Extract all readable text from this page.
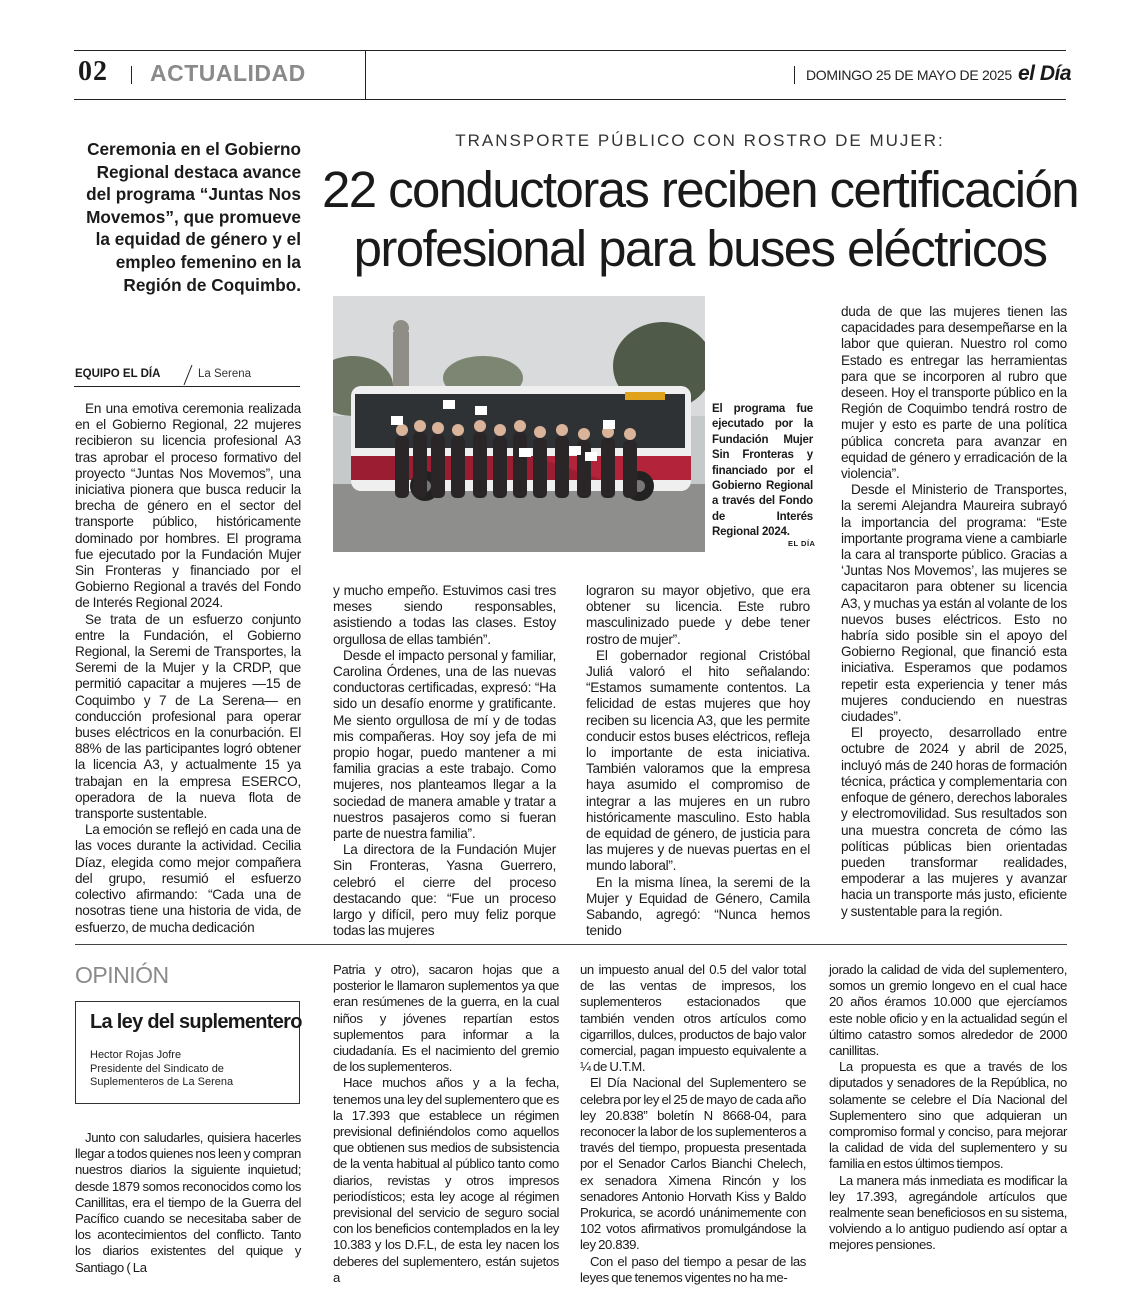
02 ACTUALIDAD	DOMINGO 25 DE MAYO DE 2025 el Día
Ceremonia en el Gobierno Regional destaca avance del programa “Juntas Nos Movemos”, que promueve la equidad de género y el empleo femenino en la Región de Coquimbo.
TRANSPORTE PÚBLICO CON ROSTRO DE MUJER:
22 conductoras reciben certificación
profesional para buses eléctricos
EQUIPO EL DÍA	La Serena

En una emotiva ceremonia realizada en el Gobierno Regional, 22 mujeres recibieron su licencia profesional A3 tras aprobar el proceso formativo del proyecto “Juntas Nos Movemos”, una iniciativa pionera que busca reducir la brecha de género en el sector del transporte público, históricamente dominado por hombres. El programa fue ejecutado por la Fundación Mujer Sin Fronteras y financiado por el Gobierno Regional a través del Fondo de Interés Regional 2024.

Se trata de un esfuerzo conjunto entre la Fundación, el Gobierno Regional, la Seremi de Transportes, la Seremi de la Mujer y la CRDP, que permitió capacitar a mujeres —15 de Coquimbo y 7 de La Serena— en conducción profesional para operar buses eléctricos en la conurbación. El 88% de las participantes logró obtener la licencia A3, y actualmente 15 ya trabajan en la empresa ESERCO, operadora de la nueva flota de transporte sustentable.

La emoción se reflejó en cada una de las voces durante la actividad. Cecilia Díaz, elegida como mejor compañera del grupo, resumió el esfuerzo colectivo afirmando: “Cada una de nosotras tiene una historia de vida, de esfuerzo, de mucha dedicación

y mucho empeño. Estuvimos casi tres meses siendo responsables, asistiendo a todas las clases. Estoy orgullosa de ellas también”.

Desde el impacto personal y familiar, Carolina Órdenes, una de las nuevas conductoras certificadas, expresó: “Ha sido un desafío enorme y gratificante. Me siento orgullosa de mí y de todas mis compañeras. Hoy soy jefa de mi propio hogar, puedo mantener a mi familia gracias a este trabajo. Como mujeres, nos planteamos llegar a la sociedad de manera amable y tratar a nuestros pasajeros como si fueran parte de nuestra familia”.

La directora de la Fundación Mujer Sin Fronteras, Yasna Guerrero, celebró el cierre del proceso destacando que: “Fue un proceso largo y difícil, pero muy feliz porque todas las mujeres

lograron su mayor objetivo, que era obtener su licencia. Este rubro masculinizado puede y debe tener rostro de mujer”.

El gobernador regional Cristóbal Juliá valoró el hito señalando: “Estamos sumamente contentos. La felicidad de estas mujeres que hoy reciben su licencia A3, que les permite conducir estos buses eléctricos, refleja lo importante de esta iniciativa. También valoramos que la empresa haya asumido el compromiso de integrar a las mujeres en un rubro históricamente masculino. Esto habla de equidad de género, de justicia para las mujeres y de nuevas puertas en el mundo laboral”.

En la misma línea, la seremi de la Mujer y Equidad de Género, Camila Sabando, agregó: “Nunca hemos tenido

duda de que las mujeres tienen las capacidades para desempeñarse en la labor que quieran. Nuestro rol como Estado es entregar las herramientas para que se incorporen al rubro que deseen. Hoy el transporte público en la Región de Coquimbo tendrá rostro de mujer y esto es parte de una política pública concreta para avanzar en equidad de género y erradicación de la violencia”.

Desde el Ministerio de Transportes, la seremi Alejandra Maureira subrayó la importancia del programa: “Este importante programa viene a cambiarle la cara al transporte público. Gracias a ‘Juntas Nos Movemos’, las mujeres se capacitaron para obtener su licencia A3, y muchas ya están al volante de los nuevos buses eléctricos. Esto no habría sido posible sin el apoyo del Gobierno Regional, que financió esta iniciativa. Esperamos que podamos repetir esta experiencia y tener más mujeres conduciendo en nuestras ciudades”.

El proyecto, desarrollado entre octubre de 2024 y abril de 2025, incluyó más de 240 horas de formación técnica, práctica y complementaria con enfoque de género, derechos laborales y electromovilidad. Sus resultados son una muestra concreta de cómo las políticas públicas bien orientadas pueden transformar realidades, empoderar a las mujeres y avanzar hacia un transporte más justo, eficiente y sustentable para la región.

El programa fue ejecutado por la Fundación Mujer Sin Fronteras y financiado por el Gobierno Regional a través del Fondo de Interés Regional 2024.
EL DÍA
OPINIÓN
La ley del suplementero
Hector Rojas Jofre
Presidente del Sindicato de
Suplementeros de La Serena

Junto con saludarles, quisiera hacerles llegar a todos quienes nos leen y compran nuestros diarios la siguiente inquietud; desde 1879 somos reconocidos como los Canillitas, era el tiempo de la Guerra del Pacífico cuando se necesitaba saber de los acontecimientos del conflicto. Tanto los diarios existentes del quique y Santiago ( La

Patria y otro), sacaron hojas que a posterior le llamaron suplementos ya que eran resúmenes de la guerra, en la cual niños y jóvenes repartían estos suplementos para informar a la ciudadanía. Es el nacimiento del gremio de los suplementeros.

Hace muchos años y a la fecha, tenemos una ley del suplementero que es la 17.393 que establece un régimen previsional definiéndolos como aquellos que obtienen sus medios de subsistencia de la venta habitual al público tanto como diarios, revistas y otros impresos periodísticos; esta ley acoge al régimen previsional del servicio de seguro social con los beneficios contemplados en la ley 10.383 y los D.F.L, de esta ley nacen los deberes del suplementero, están sujetos a

un impuesto anual del 0.5 del valor total de las ventas de impresos, los suplementeros estacionados que también venden otros artículos como cigarrillos, dulces, productos de bajo valor comercial, pagan impuesto equivalente a ¼ de U.T.M.

El Día Nacional del Suplementero se celebra por ley el 25 de mayo de cada año ley 20.838” boletín N 8668-04, para reconocer la labor de los suplementeros a través del tiempo, propuesta presentada por el Senador Carlos Bianchi Chelech, ex senadora Ximena Rincón y los senadores Antonio Horvath Kiss y Baldo Prokurica, se acordó unánimemente con 102 votos afirmativos promulgándose la ley 20.839.

Con el paso del tiempo a pesar de las leyes que tenemos vigentes no ha me-

jorado la calidad de vida del suplementero, somos un gremio longevo en el cual hace 20 años éramos 10.000 que ejercíamos este noble oficio y en la actualidad según el último catastro somos alrededor de 2000 canillitas.

La propuesta es que a través de los diputados y senadores de la República, no solamente se celebre el Día Nacional del Suplementero sino que adquieran un compromiso formal y conciso, para mejorar la calidad de vida del suplementero y su familia en estos últimos tiempos.

La manera más inmediata es modificar la ley 17.393, agregándole artículos que realmente sean beneficiosos en su sistema, volviendo a lo antiguo pudiendo así optar a mejores pensiones.
